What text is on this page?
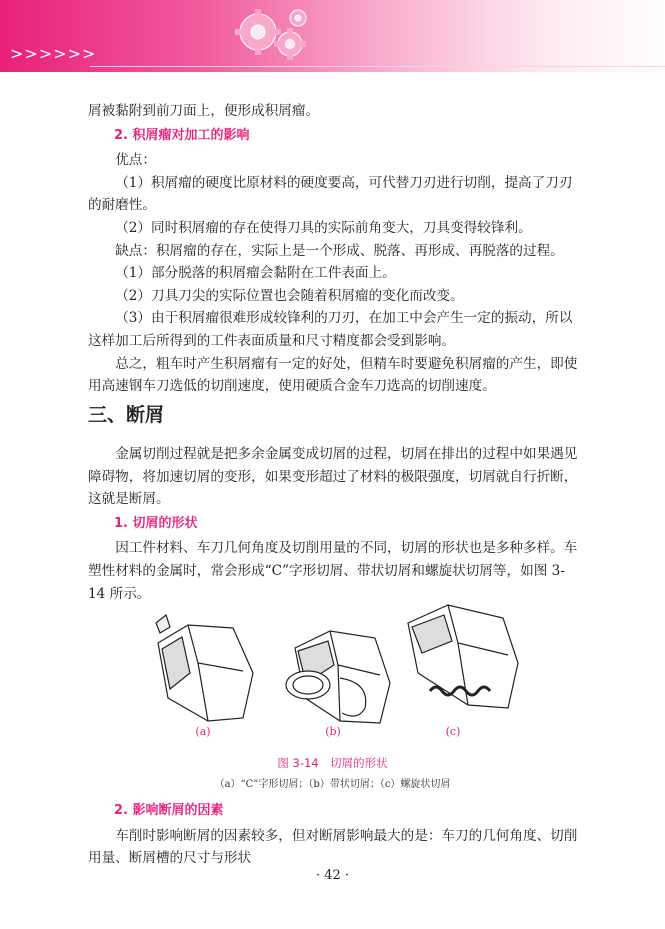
>>>>>>

屑被黏附到前刀面上，便形成积屑瘤。

2. 积屑瘤对加工的影响

优点：

（1）积屑瘤的硬度比原材料的硬度要高，可代替刀刃进行切削，提高了刀刃的耐磨性。

（2）同时积屑瘤的存在使得刀具的实际前角变大，刀具变得较锋利。

缺点：积屑瘤的存在，实际上是一个形成、脱落、再形成、再脱落的过程。

（1）部分脱落的积屑瘤会黏附在工件表面上。

（2）刀具刀尖的实际位置也会随着积屑瘤的变化而改变。

（3）由于积屑瘤很难形成较锋利的刀刃，在加工中会产生一定的振动，所以这样加工后所得到的工件表面质量和尺寸精度都会受到影响。

总之，粗车时产生积屑瘤有一定的好处，但精车时要避免积屑瘤的产生，即使用高速钢车刀选低的切削速度，使用硬质合金车刀选高的切削速度。

三、断屑

金属切削过程就是把多余金属变成切屑的过程，切屑在排出的过程中如果遇见障碍物，将加速切屑的变形，如果变形超过了材料的极限强度，切屑就自行折断，这就是断屑。

1. 切屑的形状

因工件材料、车刀几何角度及切削用量的不同，切屑的形状也是多种多样。车塑性材料的金属时，常会形成“C”字形切屑、带状切屑和螺旋状切屑等，如图 3-14 所示。

(a)	(b)	(c)
图 3-14　切屑的形状
（a）“C”字形切屑；（b）带状切屑；（c）螺旋状切屑

2. 影响断屑的因素

车削时影响断屑的因素较多，但对断屑影响最大的是：车刀的几何角度、切削用量、断屑槽的尺寸与形状

· 42 ·
